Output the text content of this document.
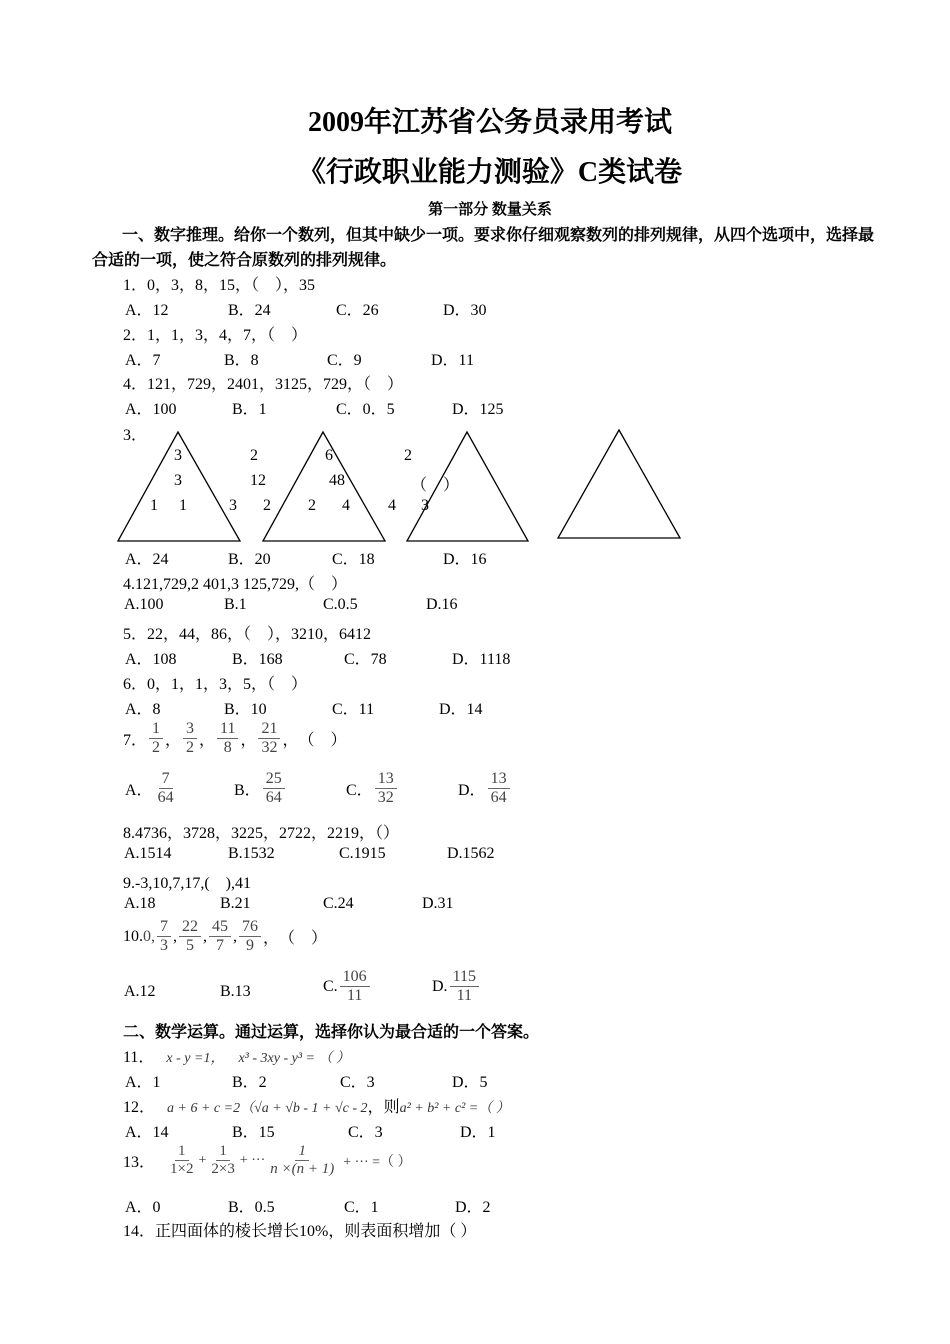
2009年江苏省公务员录用考试
《行政职业能力测验》C类试卷
第一部分 数量关系
一、数字推理。给你一个数列，但其中缺少一项。要求你仔细观察数列的排列规律，从四个选项中，选择最
合适的一项，使之符合原数列的排列规律。
1．0，3，8，15，（　），35
A．12	B．24	C．26	D．30
2．1，1，3，4，7，（　）
A．7	B．8	C．9	D．11
4．121，729，2401，3125，729，（　）
A．100	B．1	C．0．5	D．125
3．
3
3
1 1
2
12
3 2
6
48
2 4
2
（　）
4 3
A．24	B．20	C．18	D．16
4.121,729,2 401,3 125,729,（　）
A.100	B.1	C.0.5	D.16
5．22，44，86，（　），3210，6412
A．108	B．168	C．78	D．1118
6．0，1，1，3，5，（　）
A．8	B．10	C．11	D．14
7． $\frac{1}{2}$ ， $\frac{3}{2}$ ， $\frac{11}{8}$ ， $\frac{21}{32}$ ， （　）
A． $\frac{7}{64}$	B． $\frac{25}{64}$	C． $\frac{13}{32}$	D． $\frac{13}{64}$
8.4736，3728，3225，2722，2219，（）
A.1514	B.1532	C.1915	D.1562
9.-3,10,7,17,(　),41
A.18	B.21	C.24	D.31
10. 0, $\frac{7}{3}$ , $\frac{22}{5}$ , $\frac{45}{7}$ , $\frac{76}{9}$ ， （　）
A.12	B.13	C. $\frac{106}{11}$	D. $\frac{115}{11}$
二、数学运算。通过运算，选择你认为最合适的一个答案。
11． x - y =1， x³ - 3xy - y³ = （ ）
A．1	B．2	C．3	D．5
12． a + 6 + c =2（√a + √b - 1 + √c - 2，则a² + b² + c² =（ ）
A．14	B．15	C．3	D．1
13． $\frac{1}{1\times 2} + \frac{1}{2\times 3}$ + ··· $\frac{1}{n \times(n + 1)}$ + ··· =（ ）
A．0	B．0.5	C．1	D．2
14．正四面体的棱长增长10%，则表面积增加（ ）
